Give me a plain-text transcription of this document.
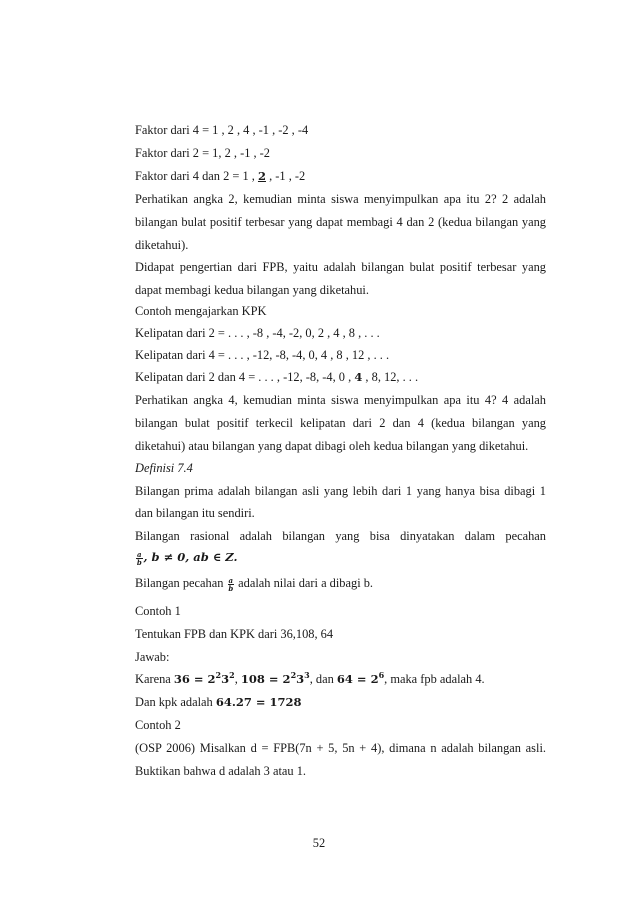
Faktor dari 4 = 1 , 2 , 4 , -1 , -2 , -4
Faktor dari 2 = 1, 2 , -1 , -2
Faktor dari 4 dan 2 = 1 , 2 , -1 , -2
Perhatikan angka 2, kemudian minta siswa menyimpulkan apa itu 2? 2 adalah
bilangan bulat positif terbesar yang dapat membagi 4 dan 2 (kedua bilangan yang
diketahui).
Didapat pengertian dari FPB, yaitu adalah bilangan bulat positif terbesar yang
dapat membagi kedua bilangan yang diketahui.
Contoh mengajarkan KPK
Kelipatan dari 2 = . . . , -8 , -4, -2, 0, 2 , 4 , 8 , . . .
Kelipatan dari 4 = . . . , -12, -8, -4, 0, 4 , 8 , 12 , . . .
Kelipatan dari 2 dan 4 = . . . , -12, -8, -4, 0 , 4 , 8, 12, . . .
Perhatikan angka 4, kemudian minta siswa menyimpulkan apa itu 4? 4 adalah
bilangan bulat positif terkecil kelipatan dari 2 dan 4 (kedua bilangan yang
diketahui) atau bilangan yang dapat dibagi oleh kedua bilangan yang diketahui.
Definisi 7.4
Bilangan prima adalah bilangan asli yang lebih dari 1 yang hanya bisa dibagi 1
dan bilangan itu sendiri.
Bilangan rasional adalah bilangan yang bisa dinyatakan dalam pecahan
$\frac{a}{b}$ , b ≠ 0, ab ∈ Z.
Bilangan pecahan $\frac{a}{b}$ adalah nilai dari a dibagi b.
Contoh 1
Tentukan FPB dan KPK dari 36,108, 64
Jawab:
Karena $36 = 2^23^2$, $108 = 2^23^3$, dan $64 = 2^6$, maka fpb adalah 4.
Dan kpk adalah 64.27 = 1728
Contoh 2
(OSP 2006) Misalkan d = FPB(7n + 5, 5n + 4), dimana n adalah bilangan asli.
Buktikan bahwa d adalah 3 atau 1.
52
